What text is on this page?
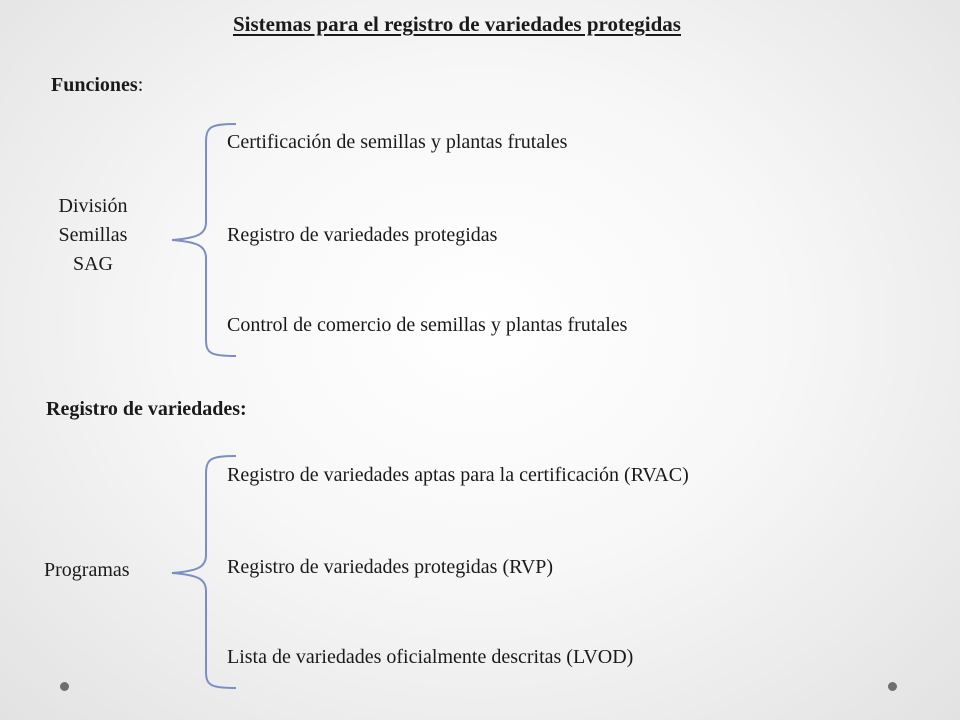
Sistemas para el registro de variedades protegidas
Funciones:
División
Semillas
SAG
Certificación de semillas y plantas frutales
Registro de variedades protegidas
Control de comercio de semillas y plantas frutales
Registro de variedades:
Programas
Registro de variedades aptas para la certificación (RVAC)
Registro de variedades protegidas (RVP)
Lista de variedades oficialmente descritas (LVOD)
